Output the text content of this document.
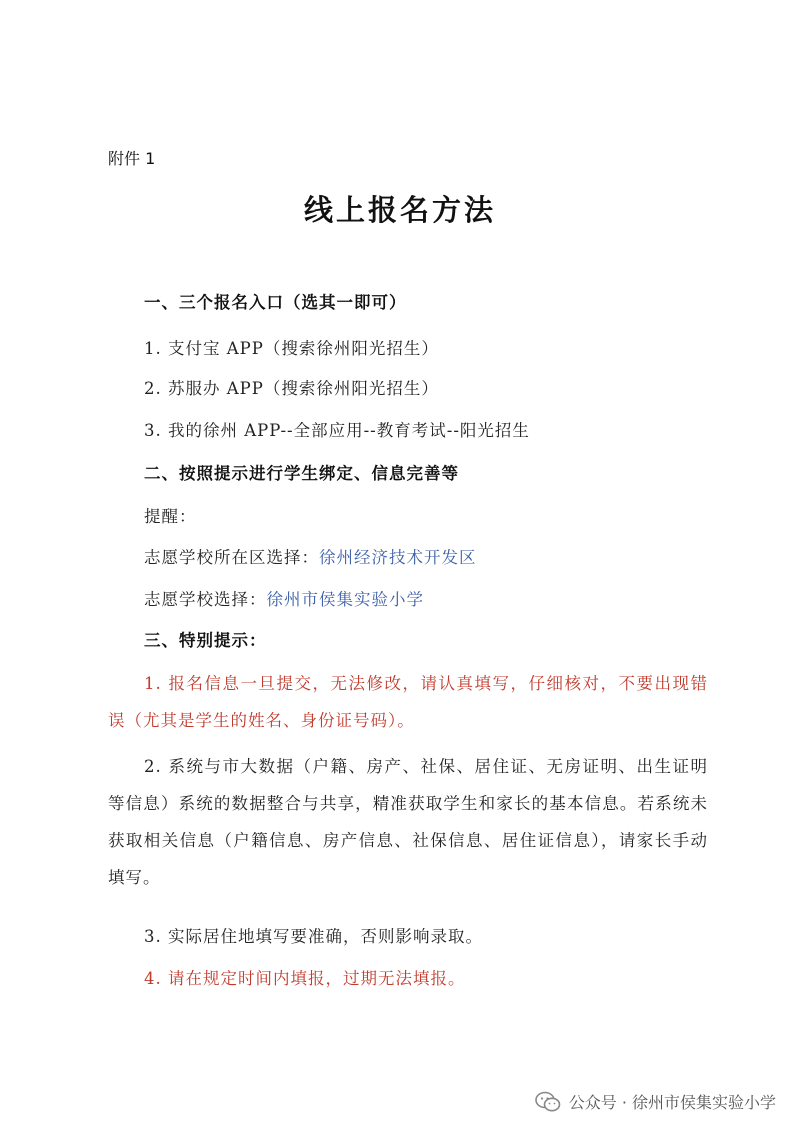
附件 1
线上报名方法
一、三个报名入口（选其一即可）
1. 支付宝 APP（搜索徐州阳光招生）
2. 苏服办 APP（搜索徐州阳光招生）
3. 我的徐州 APP--全部应用--教育考试--阳光招生
二、按照提示进行学生绑定、信息完善等
提醒：
志愿学校所在区选择：徐州经济技术开发区
志愿学校选择：徐州市侯集实验小学
三、特别提示：
1. 报名信息一旦提交，无法修改，请认真填写，仔细核对，不要出现错误（尤其是学生的姓名、身份证号码）。
2. 系统与市大数据（户籍、房产、社保、居住证、无房证明、出生证明等信息）系统的数据整合与共享，精准获取学生和家长的基本信息。若系统未获取相关信息（户籍信息、房产信息、社保信息、居住证信息），请家长手动填写。
3. 实际居住地填写要准确，否则影响录取。
4. 请在规定时间内填报，过期无法填报。
公众号 · 徐州市侯集实验小学
